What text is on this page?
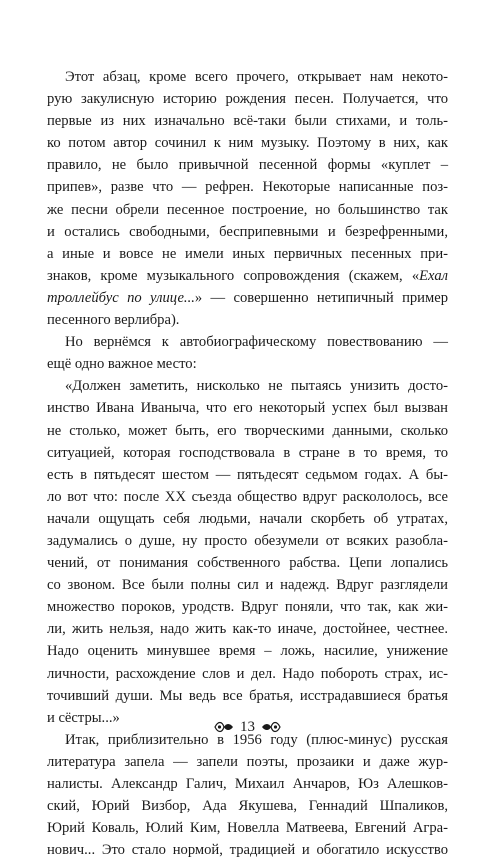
Этот абзац, кроме всего прочего, открывает нам некото-
рую закулисную историю рождения песен. Получается, что
первые из них изначально всё-таки были стихами, и толь-
ко потом автор сочинил к ним музыку. Поэтому в них, как
правило, не было привычной песенной формы «куплет –
припев», разве что — рефрен. Некоторые написанные поз-
же песни обрели песенное построение, но большинство так
и остались свободными, бесприпевными и безрефренными,
а иные и вовсе не имели иных первичных песенных при-
знаков, кроме музыкального сопровождения (скажем, «Ехал
троллейбус по улице...» — совершенно нетипичный пример
песенного верлибра).
Но вернёмся к автобиографическому повествованию —
ещё одно важное место:
«Должен заметить, нисколько не пытаясь унизить досто-
инство Ивана Иваныча, что его некоторый успех был вызван
не столько, может быть, его творческими данными, сколько
ситуацией, которая господствовала в стране в то время, то
есть в пятьдесят шестом — пятьдесят седьмом годах. А бы-
ло вот что: после XX съезда общество вдруг раскололось, все
начали ощущать себя людьми, начали скорбеть об утратах,
задумались о душе, ну просто обезумели от всяких разобла-
чений, от понимания собственного рабства. Цепи лопались
со звоном. Все были полны сил и надежд. Вдруг разглядели
множество пороков, уродств. Вдруг поняли, что так, как жи-
ли, жить нельзя, надо жить как-то иначе, достойнее, честнее.
Надо оценить минувшее время – ложь, насилие, унижение
личности, расхождение слов и дел. Надо побороть страх, ис-
точивший души. Мы ведь все братья, исстрадавшиеся братья
и сёстры...»
Итак, приблизительно в 1956 году (плюс-минус) русская
литература запела — запели поэты, прозаики и даже жур-
налисты. Александр Галич, Михаил Анчаров, Юз Алешков-
ский, Юрий Визбор, Ада Якушева, Геннадий Шпаликов,
Юрий Коваль, Юлий Ким, Новелла Матвеева, Евгений Агра-
нович... Это стало нормой, традицией и обогатило искусство
13
